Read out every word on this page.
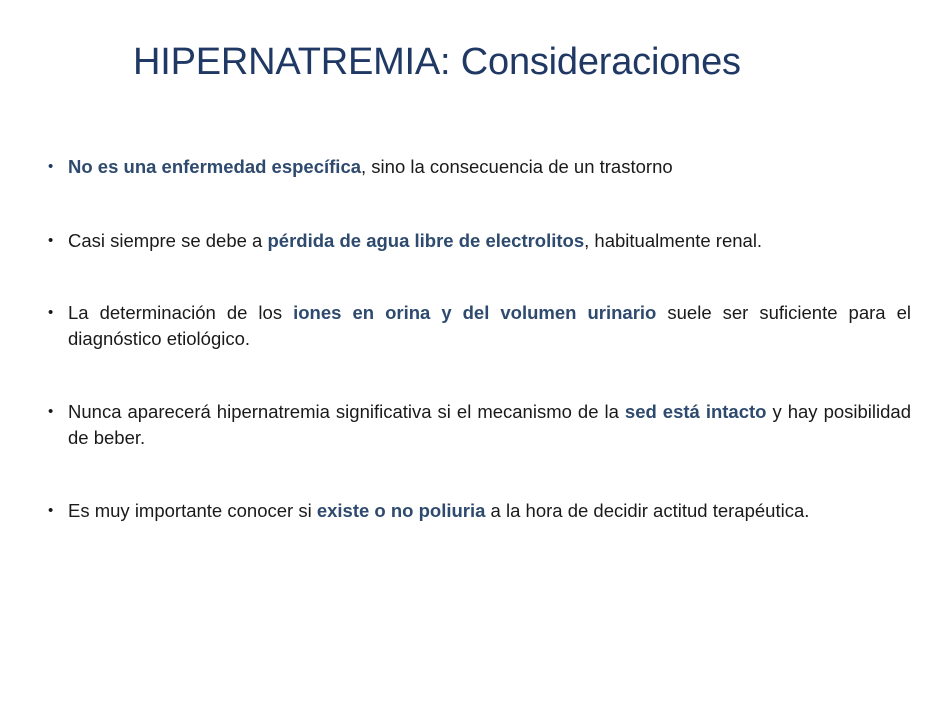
HIPERNATREMIA: Consideraciones
• No es una enfermedad específica, sino la consecuencia de un trastorno
• Casi siempre se debe a pérdida de agua libre de electrolitos, habitualmente renal.
• La determinación de los iones en orina y del volumen urinario suele ser suficiente para el diagnóstico etiológico.
• Nunca aparecerá hipernatremia significativa si el mecanismo de la sed está intacto y hay posibilidad de beber.
• Es muy importante conocer si existe o no poliuria a la hora de decidir actitud terapéutica.
